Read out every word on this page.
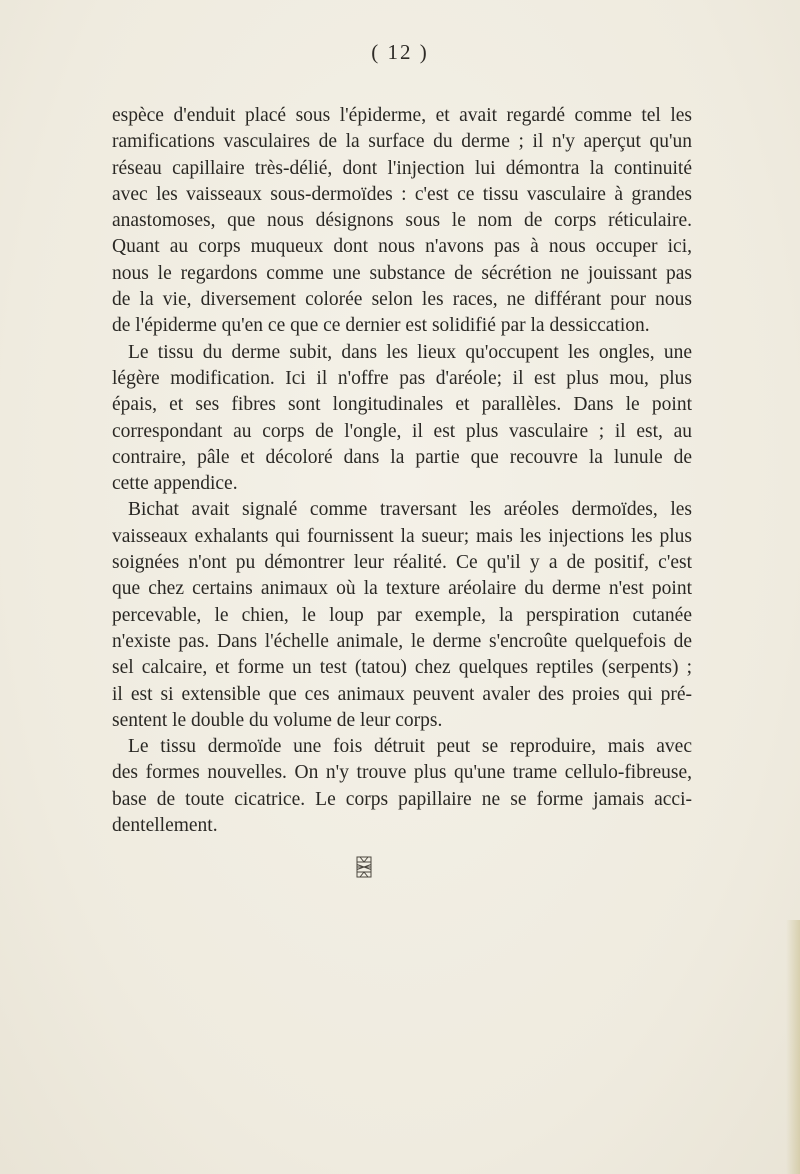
( 12 )
espèce d'enduit placé sous l'épiderme, et avait regardé comme tel les
ramifications vasculaires de la surface du derme ; il n'y aperçut qu'un
réseau capillaire très-délié, dont l'injection lui démontra la continuité
avec les vaisseaux sous-dermoïdes : c'est ce tissu vasculaire à grandes
anastomoses, que nous désignons sous le nom de corps réticulaire.
Quant au corps muqueux dont nous n'avons pas à nous occuper ici,
nous le regardons comme une substance de sécrétion ne jouissant pas
de la vie, diversement colorée selon les races, ne différant pour nous
de l'épiderme qu'en ce que ce dernier est solidifié par la dessiccation.
Le tissu du derme subit, dans les lieux qu'occupent les ongles, une
légère modification. Ici il n'offre pas d'aréole; il est plus mou, plus
épais, et ses fibres sont longitudinales et parallèles. Dans le point
correspondant au corps de l'ongle, il est plus vasculaire ; il est, au
contraire, pâle et décoloré dans la partie que recouvre la lunule de
cette appendice.
Bichat avait signalé comme traversant les aréoles dermoïdes, les
vaisseaux exhalants qui fournissent la sueur; mais les injections les plus
soignées n'ont pu démontrer leur réalité. Ce qu'il y a de positif, c'est
que chez certains animaux où la texture aréolaire du derme n'est point
percevable, le chien, le loup par exemple, la perspiration cutanée
n'existe pas. Dans l'échelle animale, le derme s'encroûte quelquefois de
sel calcaire, et forme un test (tatou) chez quelques reptiles (serpents) ;
il est si extensible que ces animaux peuvent avaler des proies qui pré-
sentent le double du volume de leur corps.
Le tissu dermoïde une fois détruit peut se reproduire, mais avec
des formes nouvelles. On n'y trouve plus qu'une trame cellulo-fibreuse,
base de toute cicatrice. Le corps papillaire ne se forme jamais acci-
dentellement.
